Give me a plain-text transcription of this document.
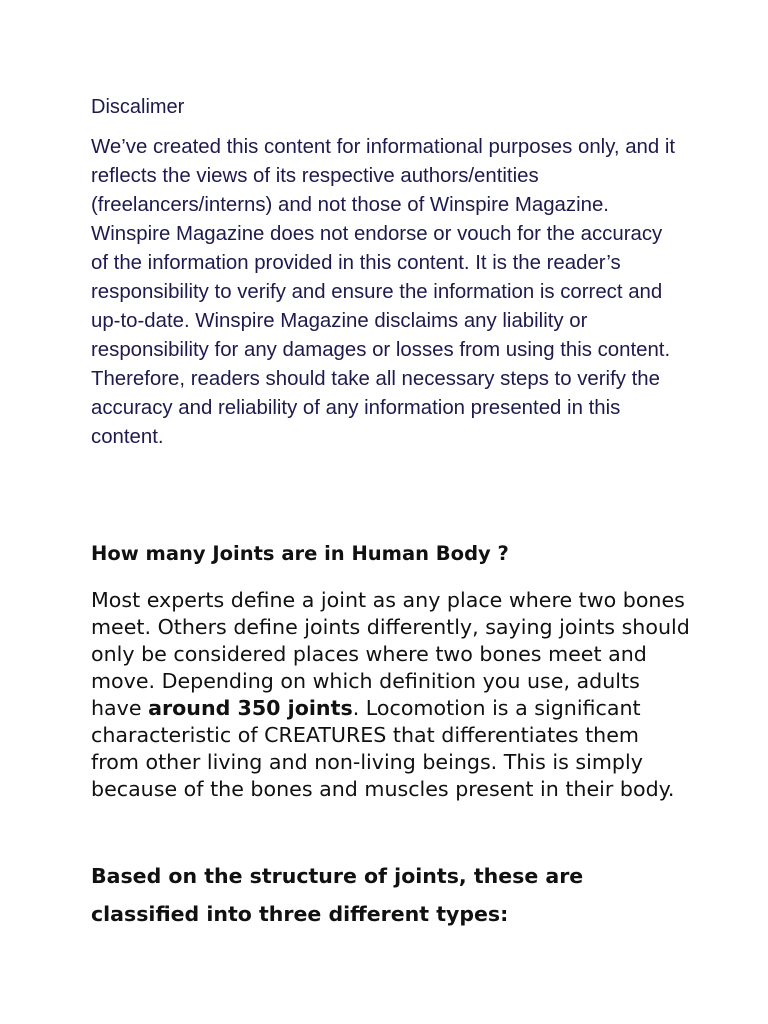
Discalimer

We’ve created this content for informational purposes only, and it reflects the views of its respective authors/entities (freelancers/interns) and not those of Winspire Magazine. Winspire Magazine does not endorse or vouch for the accuracy of the information provided in this content. It is the reader’s responsibility to verify and ensure the information is correct and up-to-date. Winspire Magazine disclaims any liability or responsibility for any damages or losses from using this content. Therefore, readers should take all necessary steps to verify the accuracy and reliability of any information presented in this content.

How many Joints are in Human Body ?

Most experts define a joint as any place where two bones meet. Others define joints differently, saying joints should only be considered places where two bones meet and move. Depending on which definition you use, adults have around 350 joints. Locomotion is a significant characteristic of CREATURES that differentiates them from other living and non-living beings. This is simply because of the bones and muscles present in their body.

Based on the structure of joints, these are classified into three different types:
